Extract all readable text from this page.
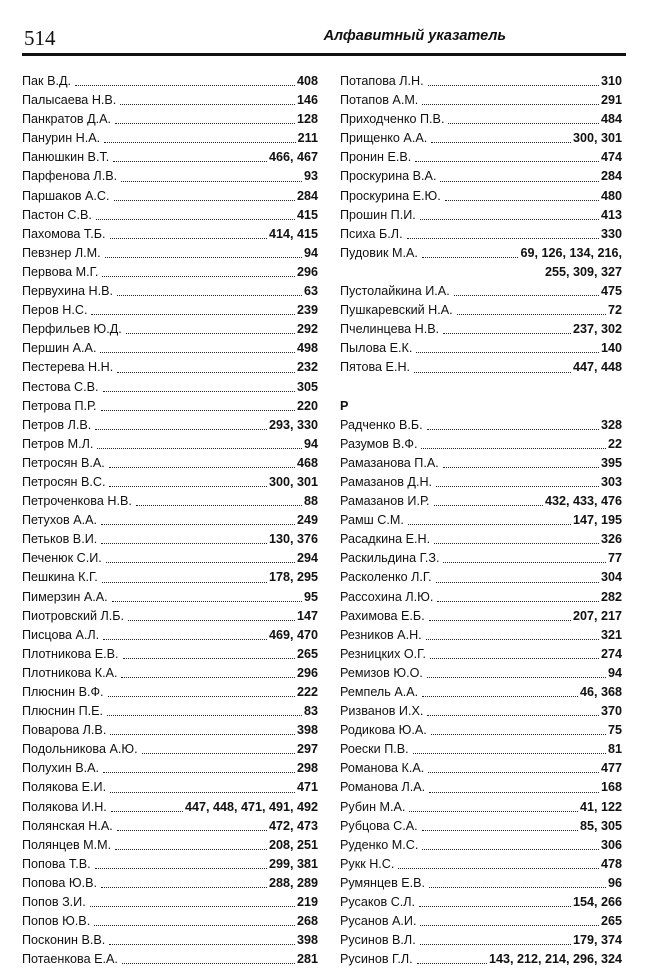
514	Алфавитный указатель
Пак В.Д.	408
Палысаева Н.В.	146
Панкратов Д.А.	128
Панурин Н.А.	211
Панюшкин В.Т.	466, 467
Парфенова Л.В.	93
Паршаков А.С.	284
Пастон С.В.	415
Пахомова Т.Б.	414, 415
Певзнер Л.М.	94
Первова М.Г.	296
Первухина Н.В.	63
Перов Н.С.	239
Перфильев Ю.Д.	292
Першин А.А.	498
Пестерева Н.Н.	232
Пестова С.В.	305
Петрова П.Р.	220
Петров Л.В.	293, 330
Петров М.Л.	94
Петросян В.А.	468
Петросян В.С.	300, 301
Петроченкова Н.В.	88
Петухов А.А.	249
Петьков В.И.	130, 376
Печенюк С.И.	294
Пешкина К.Г.	178, 295
Пимерзин А.А.	95
Пиотровский Л.Б.	147
Писцова А.Л.	469, 470
Плотникова Е.В.	265
Плотникова К.А.	296
Плюснин В.Ф.	222
Плюснин П.Е.	83
Поварова Л.В.	398
Подольникова А.Ю.	297
Полухин В.А.	298
Полякова Е.И.	471
Полякова И.Н.	447, 448, 471, 491, 492
Полянская Н.А.	472, 473
Полянцев М.М.	208, 251
Попова Т.В.	299, 381
Попова Ю.В.	288, 289
Попов З.И.	219
Попов Ю.В.	268
Посконин В.В.	398
Потаенкова Е.А.	281
Потапова Л.Н.	310
Потапов А.М.	291
Приходченко П.В.	484
Прищенко А.А.	300, 301
Пронин Е.В.	474
Проскурина В.А.	284
Проскурина Е.Ю.	480
Прошин П.И.	413
Психа Б.Л.	330
Пудовик М.А.	69, 126, 134, 216,
255, 309, 327
Пустолайкина И.А.	475
Пушкаревский Н.А.	72
Пчелинцева Н.В.	237, 302
Пылова Е.К.	140
Пятова Е.Н.	447, 448
Р
Радченко В.Б.	328
Разумов В.Ф.	22
Рамазанова П.А.	395
Рамазанов Д.Н.	303
Рамазанов И.Р.	432, 433, 476
Рамш С.М.	147, 195
Расадкина Е.Н.	326
Раскильдина Г.З.	77
Расколенко Л.Г.	304
Рассохина Л.Ю.	282
Рахимова Е.Б.	207, 217
Резников А.Н.	321
Резницких О.Г.	274
Ремизов Ю.О.	94
Ремпель А.А.	46, 368
Ризванов И.Х.	370
Родикова Ю.А.	75
Роески П.В.	81
Романова К.А.	477
Романова Л.А.	168
Рубин М.А.	41, 122
Рубцова С.А.	85, 305
Руденко М.С.	306
Рукк Н.С.	478
Румянцев Е.В.	96
Русаков С.Л.	154, 266
Русанов А.И.	265
Русинов В.Л.	179, 374
Русинов Г.Л.	143, 212, 214, 296, 324
